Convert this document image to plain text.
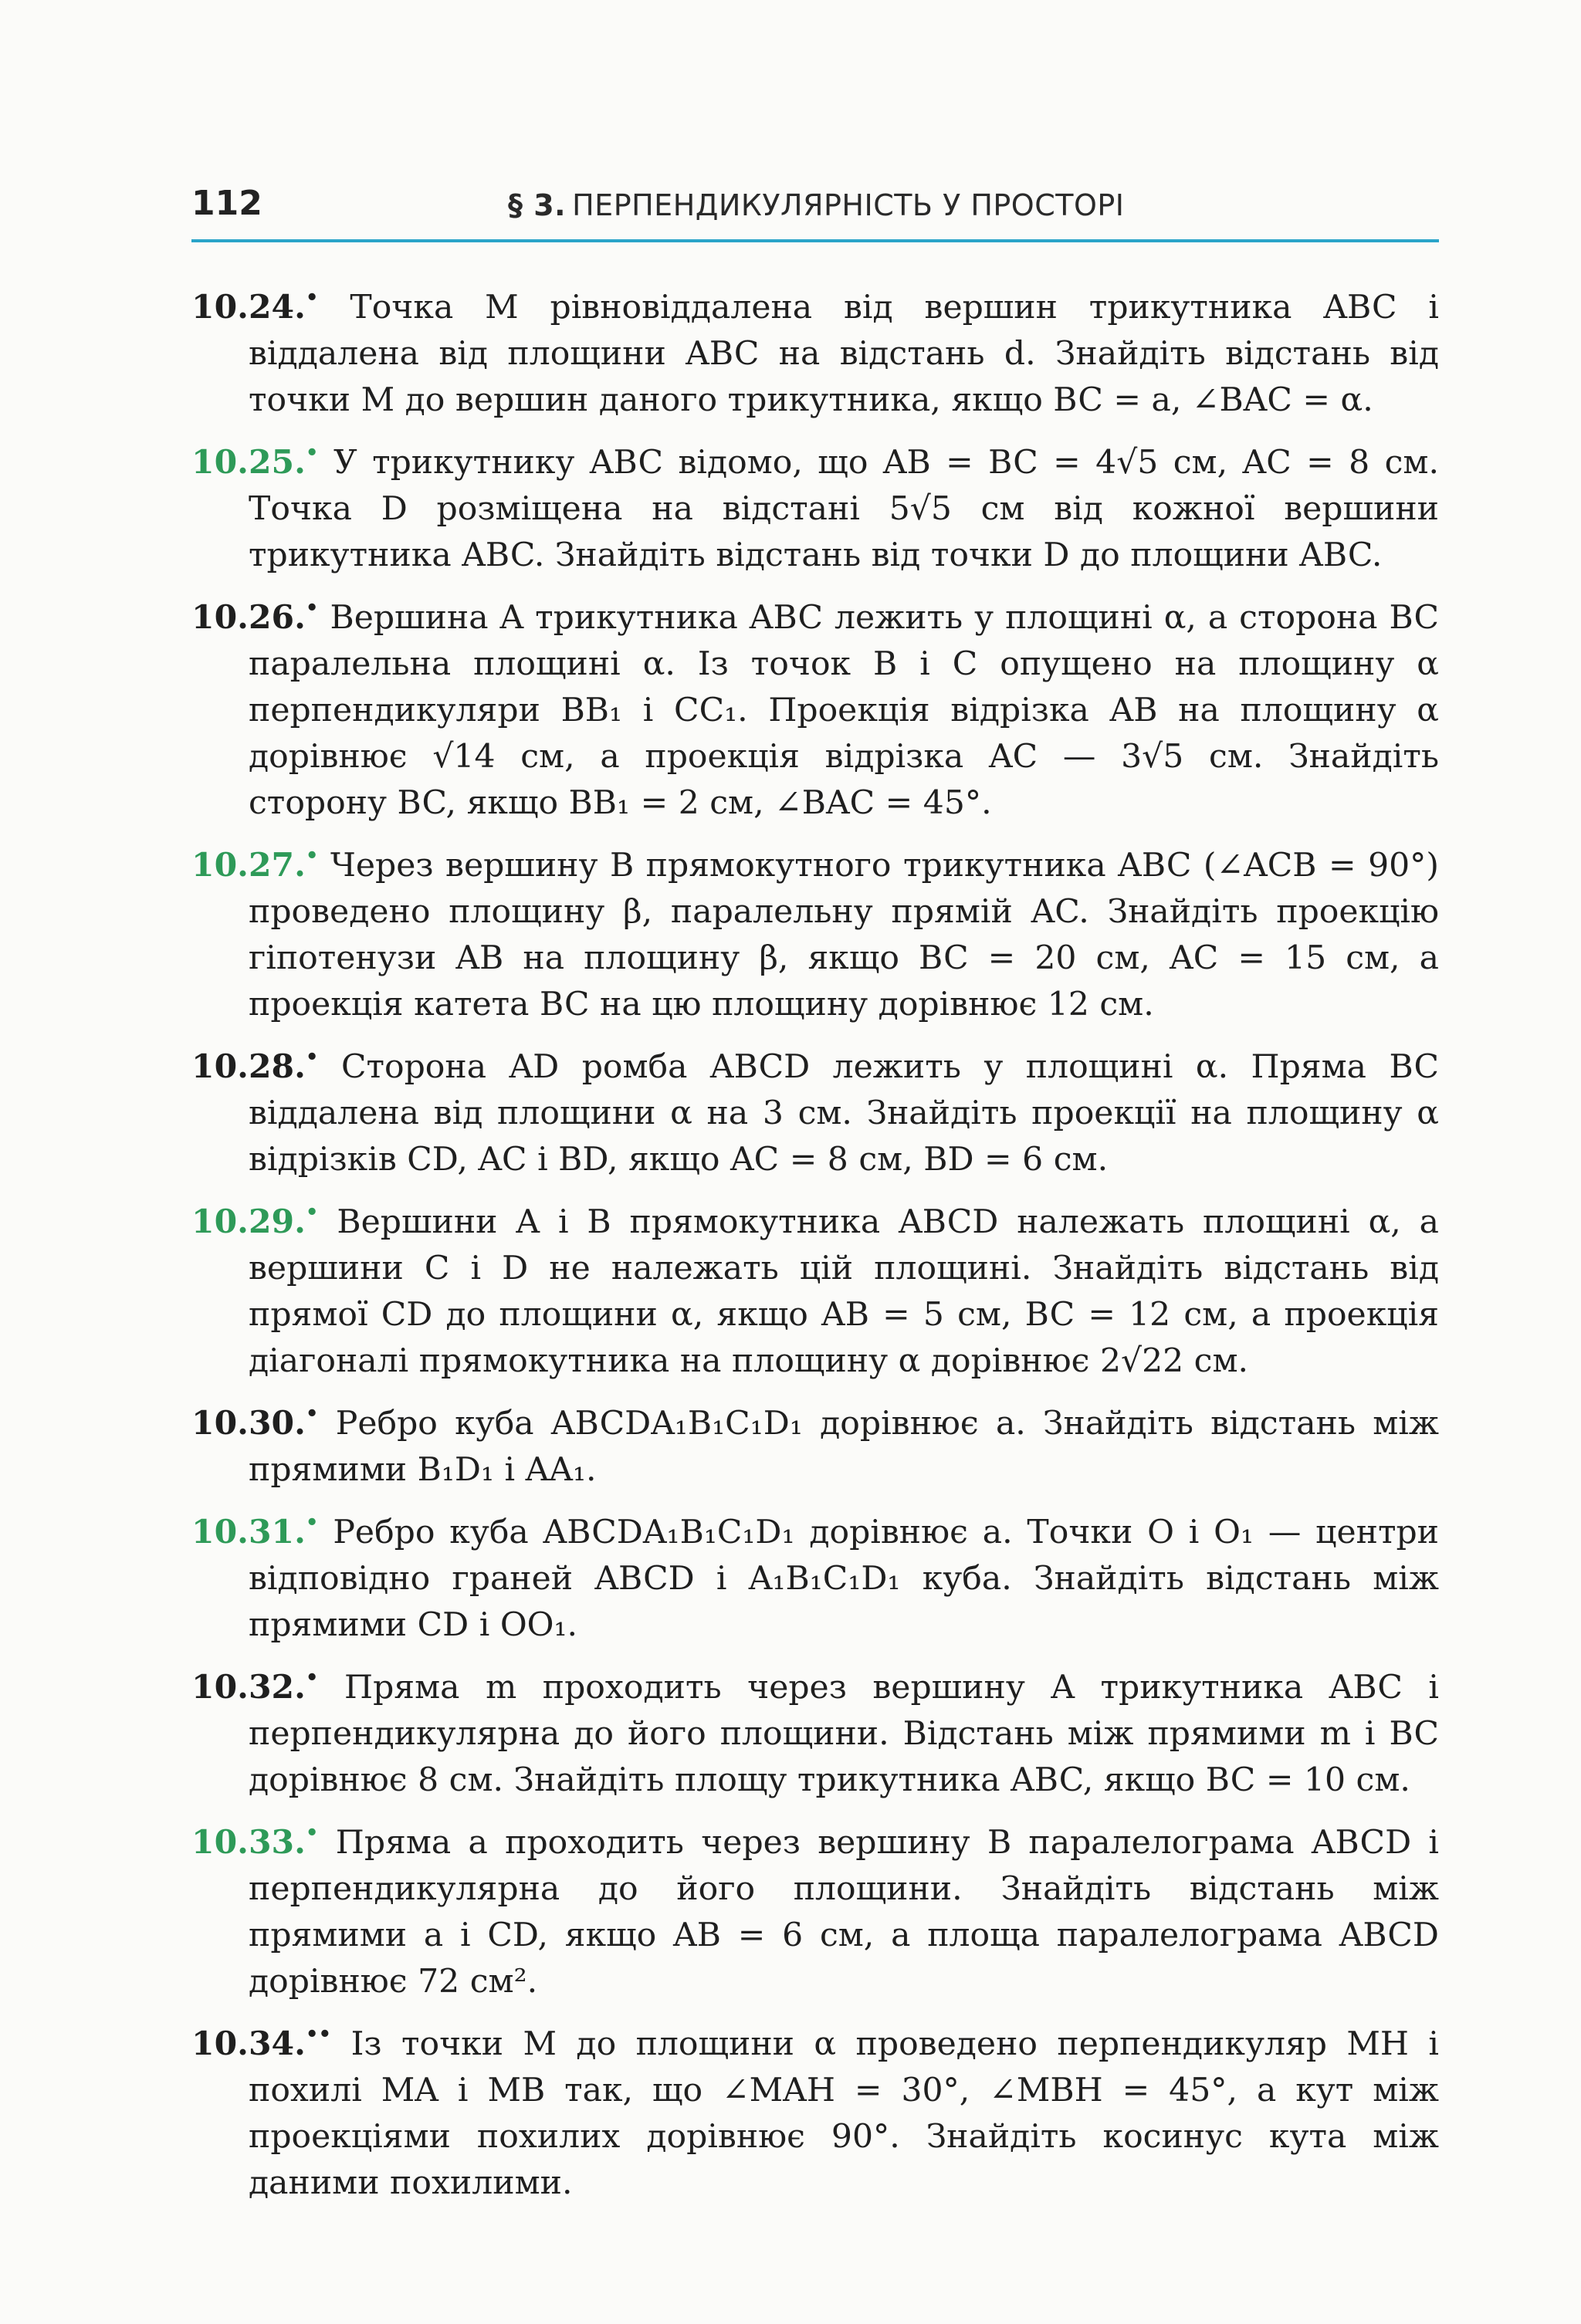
112	§ 3. ПЕРПЕНДИКУЛЯРНІСТЬ У ПРОСТОРІ
10.24.• Точка M рівновіддалена від вершин трикутника ABC і віддалена від площини ABC на відстань d. Знайдіть відстань від точки M до вершин даного трикутника, якщо BC = a, ∠BAC = α.
10.25.• У трикутнику ABC відомо, що AB = BC = 4√5 см, AC = 8 см. Точка D розміщена на відстані 5√5 см від кожної вершини трикутника ABC. Знайдіть відстань від точки D до площини ABC.
10.26.• Вершина A трикутника ABC лежить у площині α, а сторона BC паралельна площині α. Із точок B і C опущено на площину α перпендикуляри BB₁ і CC₁. Проекція відрізка AB на площину α дорівнює √14 см, а проекція відрізка AC — 3√5 см. Знайдіть сторону BC, якщо BB₁ = 2 см, ∠BAC = 45°.
10.27.• Через вершину B прямокутного трикутника ABC (∠ACB = 90°) проведено площину β, паралельну прямій AC. Знайдіть проекцію гіпотенузи AB на площину β, якщо BC = 20 см, AC = 15 см, а проекція катета BC на цю площину дорівнює 12 см.
10.28.• Сторона AD ромба ABCD лежить у площині α. Пряма BC віддалена від площини α на 3 см. Знайдіть проекції на площину α відрізків CD, AC і BD, якщо AC = 8 см, BD = 6 см.
10.29.• Вершини A і B прямокутника ABCD належать площині α, а вершини C і D не належать цій площині. Знайдіть відстань від прямої CD до площини α, якщо AB = 5 см, BC = 12 см, а проекція діагоналі прямокутника на площину α дорівнює 2√22 см.
10.30.• Ребро куба ABCDA₁B₁C₁D₁ дорівнює a. Знайдіть відстань між прямими B₁D₁ і AA₁.
10.31.• Ребро куба ABCDA₁B₁C₁D₁ дорівнює a. Точки O і O₁ — центри відповідно граней ABCD і A₁B₁C₁D₁ куба. Знайдіть відстань між прямими CD і OO₁.
10.32.• Пряма m проходить через вершину A трикутника ABC і перпендикулярна до його площини. Відстань між прямими m і BC дорівнює 8 см. Знайдіть площу трикутника ABC, якщо BC = 10 см.
10.33.• Пряма a проходить через вершину B паралелограма ABCD і перпендикулярна до його площини. Знайдіть відстань між прямими a і CD, якщо AB = 6 см, а площа паралелограма ABCD дорівнює 72 см².
10.34.•• Із точки M до площини α проведено перпендикуляр MH і похилі MA і MB так, що ∠MAH = 30°, ∠MBH = 45°, а кут між проекціями похилих дорівнює 90°. Знайдіть косинус кута між даними похилими.
